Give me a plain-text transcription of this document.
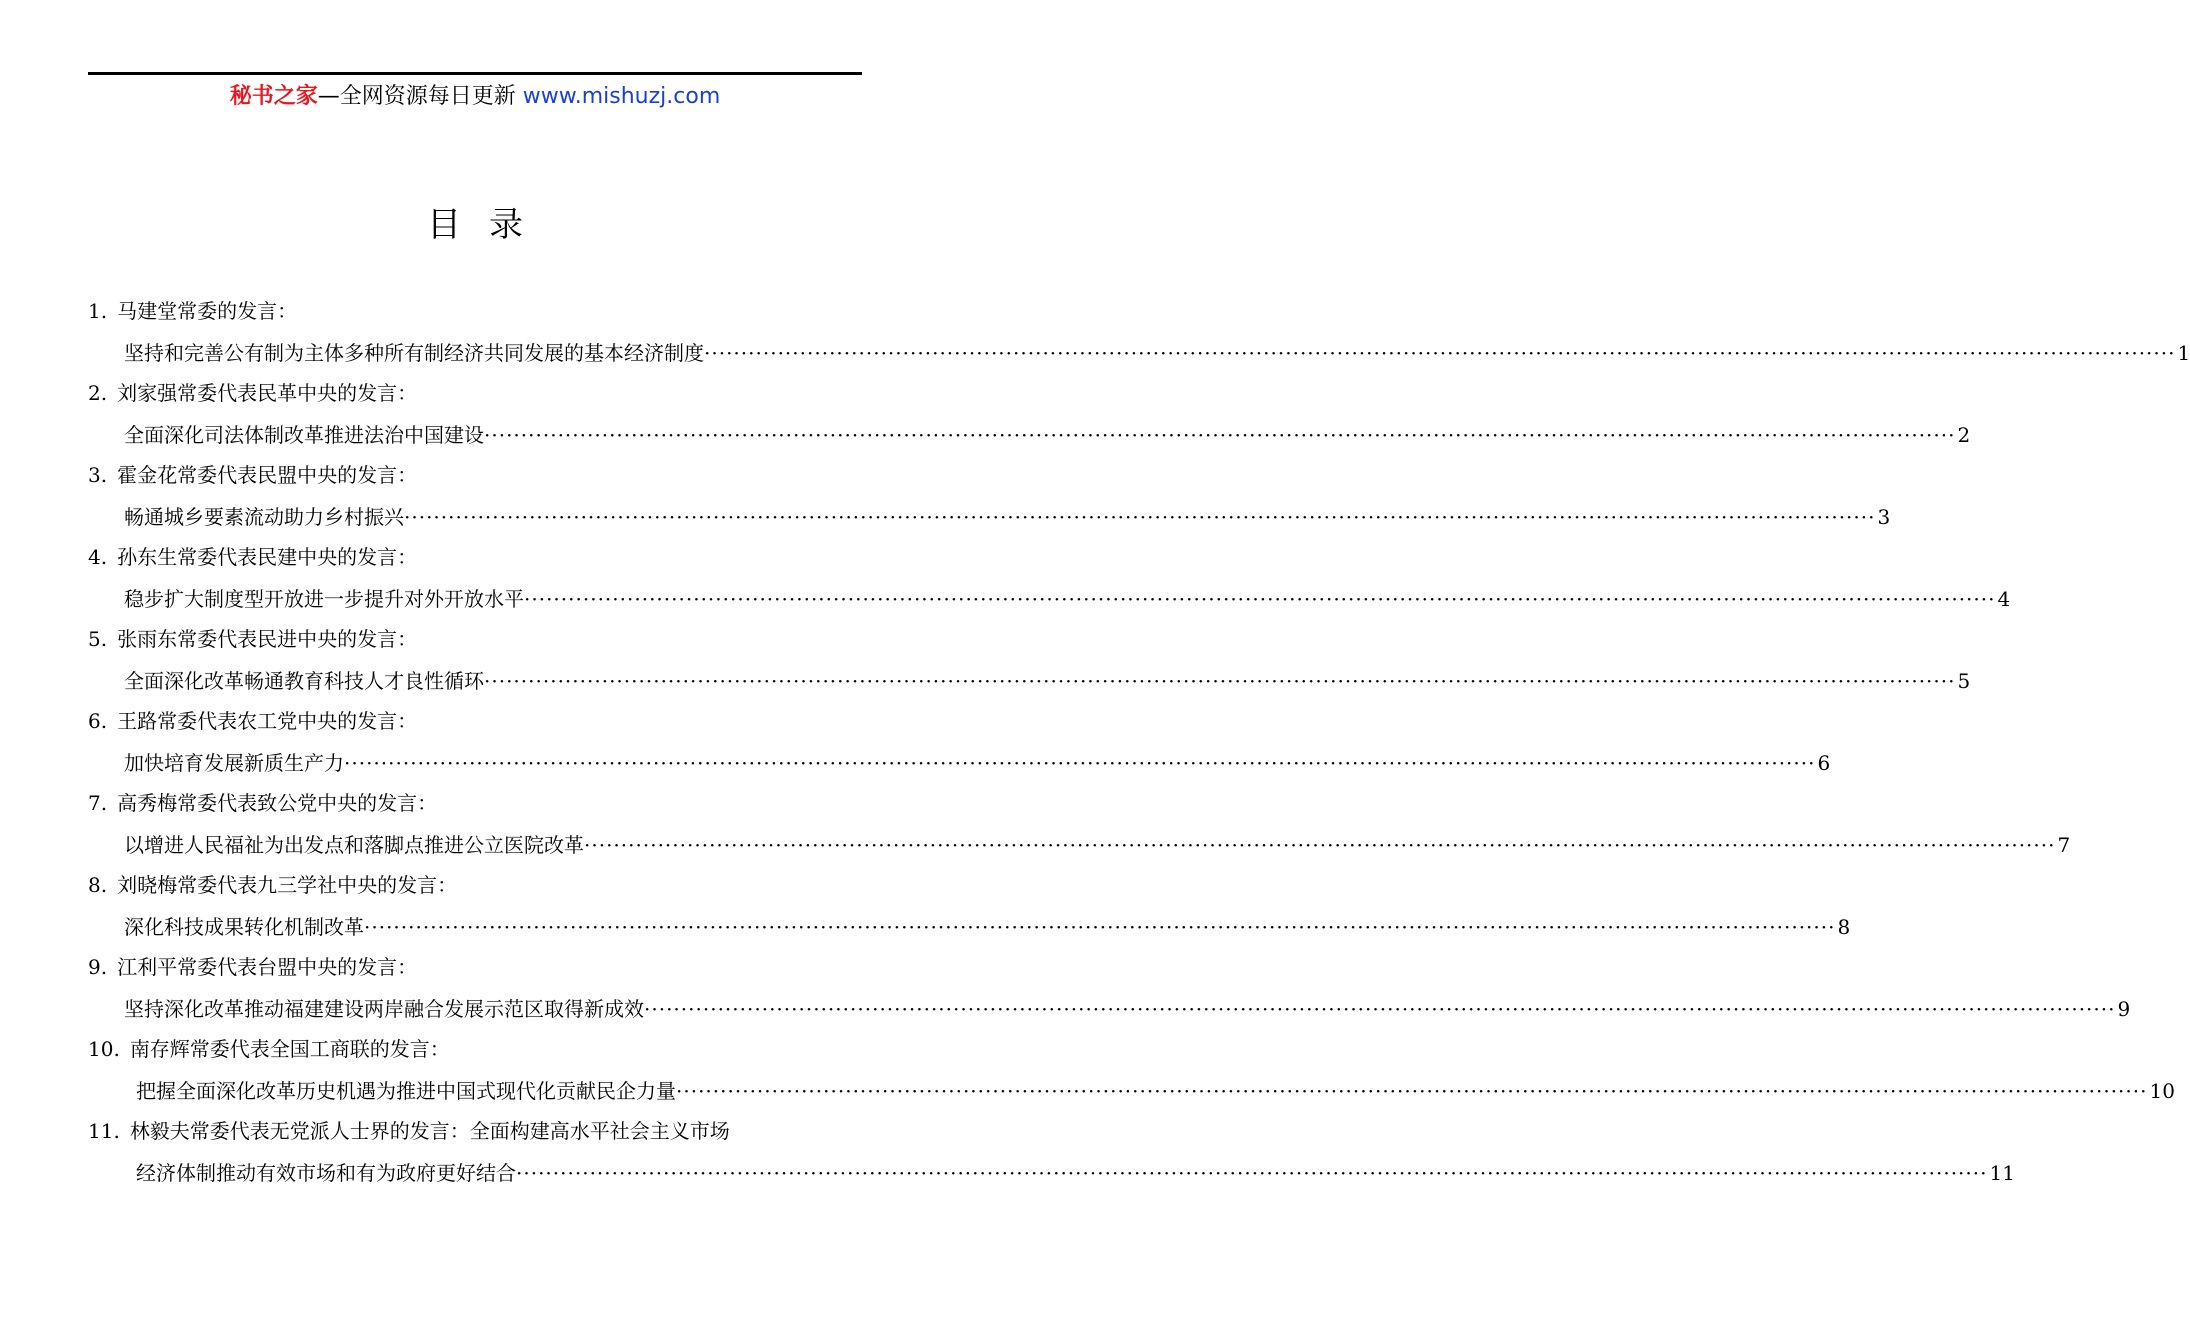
秘书之家—全网资源每日更新 www.mishuzj.com
目录
1. 马建堂常委的发言：
坚持和完善公有制为主体多种所有制经济共同发展的基本经济制度 ········································································································································································································ 1
2. 刘家强常委代表民革中央的发言：
全面深化司法体制改革推进法治中国建设 ········································································································································································································ 2
3. 霍金花常委代表民盟中央的发言：
畅通城乡要素流动助力乡村振兴 ········································································································································································································ 3
4. 孙东生常委代表民建中央的发言：
稳步扩大制度型开放进一步提升对外开放水平 ········································································································································································································ 4
5. 张雨东常委代表民进中央的发言：
全面深化改革畅通教育科技人才良性循环 ········································································································································································································ 5
6. 王路常委代表农工党中央的发言：
加快培育发展新质生产力 ········································································································································································································ 6
7. 高秀梅常委代表致公党中央的发言：
以增进人民福祉为出发点和落脚点推进公立医院改革 ········································································································································································································ 7
8. 刘晓梅常委代表九三学社中央的发言：
深化科技成果转化机制改革 ········································································································································································································ 8
9. 江利平常委代表台盟中央的发言：
坚持深化改革推动福建建设两岸融合发展示范区取得新成效 ········································································································································································································ 9
10. 南存辉常委代表全国工商联的发言：
把握全面深化改革历史机遇为推进中国式现代化贡献民企力量 ········································································································································································································ 10
11. 林毅夫常委代表无党派人士界的发言：全面构建高水平社会主义市场
经济体制推动有效市场和有为政府更好结合 ········································································································································································································ 11
